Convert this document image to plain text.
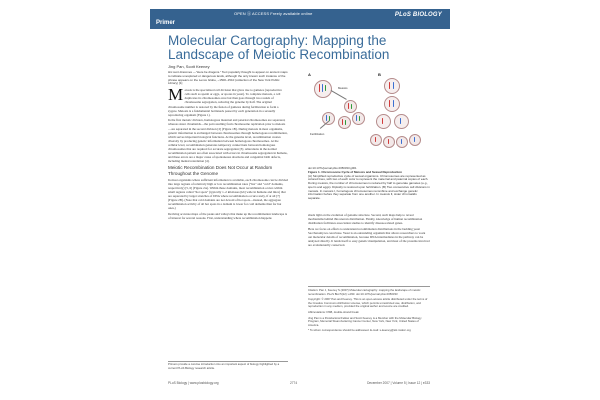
OPEN Ⓐ ACCESS Freely available online
Primer
PLoS BIOLOGY
Molecular Cartography: Mapping the Landscape of Meiotic Recombination
Jing Pan, Scott Keeney

Hic sunt dracones —"Here be dragons." Text popularly thought to appear on ancient maps to indicate unexplored or dangerous lands, although the only known such instance of the phrase appears on the Lenox Globe, ~1500–1510 (collection of the New York Public Library) [1]

Meiosis is the specialized cell division that gives rise to gametes (reproductive cells such as sperm or eggs, or spores in yeast). To complete meiosis, a cell duplicates its chromosomes once but then goes through two rounds of chromosome segregation, reducing the genome by half. The original chromosome number is restored by the fusion of gametes during fertilization to form a zygote. Meiosis is a fundamental bottleneck passed by each generation in a sexually reproducing organism (Figure 1).

In the first meiotic division, homologous maternal and paternal chromosomes are separated, whereas sister chromatids—the pair resulting from chromosome replication prior to meiosis—are separated in the second division [2] (Figure 1B). During meiosis in most organisms, genetic information is exchanged between chromosomes through homologous recombination, which serves important biological functions. At the genome level, recombination creates diversity by producing genetic information between homologous chromosomes. At the cellular level, recombination generates temporary connections between homologous chromosomes that are required for accurate segregation [3]. Alterations in the normal recombination pattern are often associated with errors in chromosome segregation in humans, and these errors are a major cause of spontaneous abortions and congenital birth defects, including mental retardation [4].

Meiotic Recombination Does Not Occur at Random Throughout the Genome

In most organisms where sufficient information is available, each chromosome can be divided into large regions of relatively high or low recombination rates ("hot" and "cold" domains, respectively) [5, 6] (Figure 2A). Within these domains, most recombination occurs within small regions called "hot spots" (typically 1–2 kilobases [kb] wide in humans and mice) that are separated by larger stretches of DNA where recombination occurs rarely, if at all [7] (Figure 2B). (Note that cold domains are not devoid of hot spots—instead, the aggregate recombination activity of all hot spots in a domain is lower for cold domains than for hot ones.)

Deriving accurate maps of the peaks and valleys that make up the recombination landscape is of interest for several reasons. First, understanding where recombination happens

Primers provide a concise introduction into an important aspect of biology highlighted by a current PLoS Biology research article.
A	B
Meiosis
Fertilization
doi:10.1371/journal.pbio.0050333.g001
Figure 1. Chromosome Cycle of Meiosis and Sexual Reproduction
(A) Simplified reproductive cycle of sexual organisms. Chromosomes are represented as colored lines, with two of each color to represent the maternal and paternal copies of each. During meiosis, the number of chromosomes is reduced by half to generate gametes (e.g., sperm and eggs). Diploidy is restored upon fertilization. (B) Two consecutive cell divisions in meiosis. In meiosis I, homologous chromosomes recombine and exchange genetic information before they separate from one another. In meiosis II, sister chromatids separate.

sheds light on the evolution of genome structure. Second, such maps help to reveal mechanisms behind this uneven distribution. Finally, knowledge of human recombination distribution facilitates association studies to identify disease-related genes.

Here we focus on efforts to understand recombination distributions in the budding yeast Saccharomyces cerevisiae. Yeast is an outstanding organism that allows researchers to work out molecular details of recombination, because DNA intermediates in the pathway can be analyzed directly. It lends itself to easy genetic manipulation, and most of the proteins involved are evolutionarily conserved.

Citation: Pan J, Keeney S (2007) Molecular cartography: mapping the landscape of meiotic recombination. PLoS Biol 5(12): e333. doi:10.1371/journal.pbio.0050333
Copyright: © 2007 Pan and Keeney. This is an open-access article distributed under the terms of the Creative Commons Attribution License, which permits unrestricted use, distribution, and reproduction in any medium, provided the original author and source are credited.
Abbreviations: DSB, double-strand break
Jing Pan is a Postdoctoral Fellow and Scott Keeney is a Member with the Molecular Biology Program, Memorial Sloan-Kettering Cancer Center, New York, New York, United States of America.
* To whom correspondence should be addressed. E-mail: s-keeney@ski.mskcc.org
PLoS Biology | www.plosbiology.org	2774	December 2007 | Volume 5 | Issue 12 | e333
